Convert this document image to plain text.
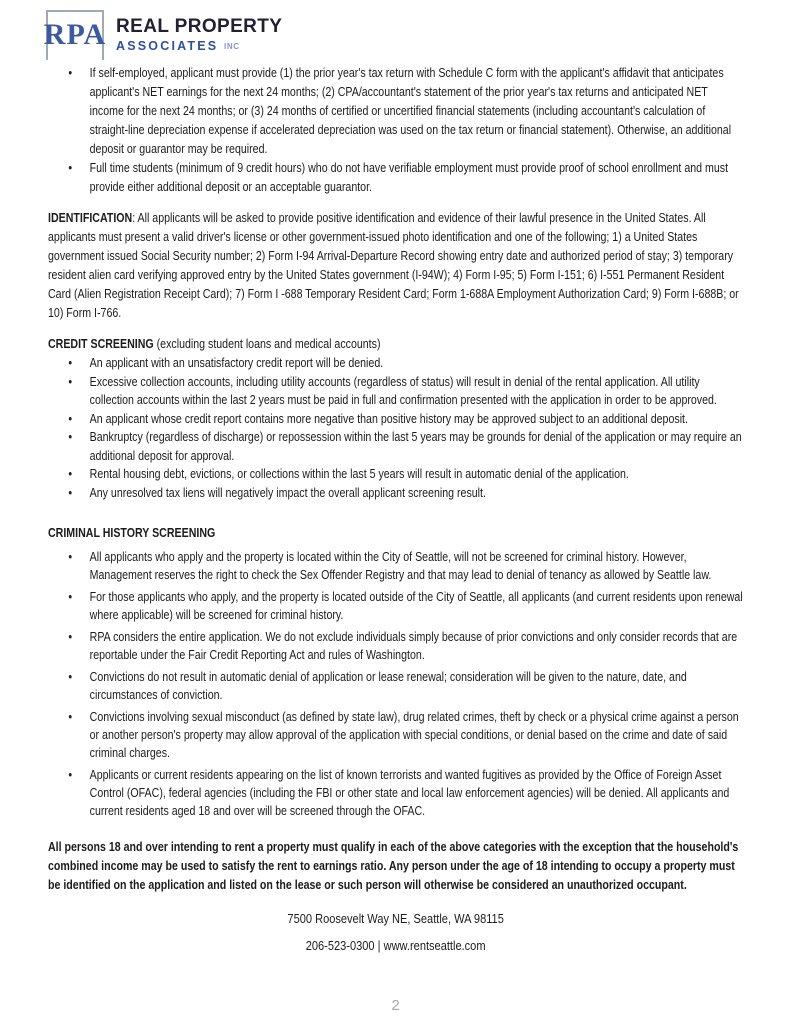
RPA REAL PROPERTY
ASSOCIATES INC
• If self-employed, applicant must provide (1) the prior year's tax return with Schedule C form with the applicant's affidavit that anticipates applicant's NET earnings for the next 24 months; (2) CPA/accountant's statement of the prior year's tax returns and anticipated NET income for the next 24 months; or (3) 24 months of certified or uncertified financial statements (including accountant's calculation of straight-line depreciation expense if accelerated depreciation was used on the tax return or financial statement). Otherwise, an additional deposit or guarantor may be required.
• Full time students (minimum of 9 credit hours) who do not have verifiable employment must provide proof of school enrollment and must provide either additional deposit or an acceptable guarantor.

IDENTIFICATION: All applicants will be asked to provide positive identification and evidence of their lawful presence in the United States. All applicants must present a valid driver's license or other government-issued photo identification and one of the following; 1) a United States government issued Social Security number; 2) Form I-94 Arrival-Departure Record showing entry date and authorized period of stay; 3) temporary resident alien card verifying approved entry by the United States government (I-94W); 4) Form I-95; 5) Form I-151; 6) I-551 Permanent Resident Card (Alien Registration Receipt Card); 7) Form I -688 Temporary Resident Card; Form 1-688A Employment Authorization Card; 9) Form I-688B; or 10) Form I-766.

CREDIT SCREENING (excluding student loans and medical accounts)
• An applicant with an unsatisfactory credit report will be denied.
• Excessive collection accounts, including utility accounts (regardless of status) will result in denial of the rental application. All utility collection accounts within the last 2 years must be paid in full and confirmation presented with the application in order to be approved.
• An applicant whose credit report contains more negative than positive history may be approved subject to an additional deposit.
• Bankruptcy (regardless of discharge) or repossession within the last 5 years may be grounds for denial of the application or may require an additional deposit for approval.
• Rental housing debt, evictions, or collections within the last 5 years will result in automatic denial of the application.
• Any unresolved tax liens will negatively impact the overall applicant screening result.
CRIMINAL HISTORY SCREENING
• All applicants who apply and the property is located within the City of Seattle, will not be screened for criminal history. However, Management reserves the right to check the Sex Offender Registry and that may lead to denial of tenancy as allowed by Seattle law.
• For those applicants who apply, and the property is located outside of the City of Seattle, all applicants (and current residents upon renewal where applicable) will be screened for criminal history.
• RPA considers the entire application. We do not exclude individuals simply because of prior convictions and only consider records that are reportable under the Fair Credit Reporting Act and rules of Washington.
• Convictions do not result in automatic denial of application or lease renewal; consideration will be given to the nature, date, and circumstances of conviction.
• Convictions involving sexual misconduct (as defined by state law), drug related crimes, theft by check or a physical crime against a person or another person's property may allow approval of the application with special conditions, or denial based on the crime and date of said criminal charges.
• Applicants or current residents appearing on the list of known terrorists and wanted fugitives as provided by the Office of Foreign Asset Control (OFAC), federal agencies (including the FBI or other state and local law enforcement agencies) will be denied. All applicants and current residents aged 18 and over will be screened through the OFAC.

All persons 18 and over intending to rent a property must qualify in each of the above categories with the exception that the household's combined income may be used to satisfy the rent to earnings ratio. Any person under the age of 18 intending to occupy a property must be identified on the application and listed on the lease or such person will otherwise be considered an unauthorized occupant.

7500 Roosevelt Way NE, Seattle, WA 98115
206-523-0300 | www.rentseattle.com
2
